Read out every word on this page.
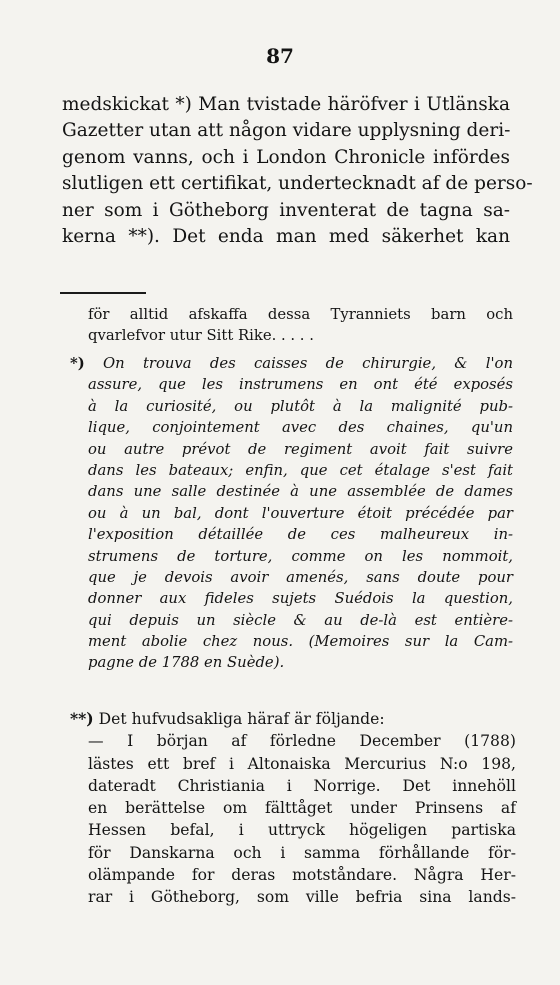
87
medskickat *) Man tvistade häröfver i Utlänska
Gazetter utan att någon vidare upplysning deri-
genom vanns, och i London Chronicle infördes
slutligen ett certifikat, undertecknadt af de perso-
ner som i Götheborg inventerat de tagna sa-
kerna **). Det enda man med säkerhet kan
för alltid afskaffa dessa Tyranniets barn och
qvarlefvor utur Sitt Rike. . . . .
*) On trouva des caisses de chirurgie, & l'on
assure, que les instrumens en ont été exposés
à la curiosité, ou plutôt à la malignité pub-
lique, conjointement avec des chaines, qu'un
ou autre prévot de regiment avoit fait suivre
dans les bateaux; enfin, que cet étalage s'est fait
dans une salle destinée à une assemblée de dames
ou à un bal, dont l'ouverture étoit précédée par
l'exposition détaillée de ces malheureux in-
strumens de torture, comme on les nommoit,
que je devois avoir amenés, sans doute pour
donner aux fideles sujets Suédois la question,
qui depuis un siècle & au de-là est entière-
ment abolie chez nous. (Memoires sur la Cam-
pagne de 1788 en Suède).
**) Det hufvudsakliga häraf är följande:
— I början af förledne December (1788)
lästes ett bref i Altonaiska Mercurius N:o 198,
dateradt Christiania i Norrige. Det innehöll
en berättelse om fälttåget under Prinsens af
Hessen befal, i uttryck högeligen partiska
för Danskarna och i samma förhållande för-
olämpande for deras motståndare. Några Her-
rar i Götheborg, som ville befria sina lands-
